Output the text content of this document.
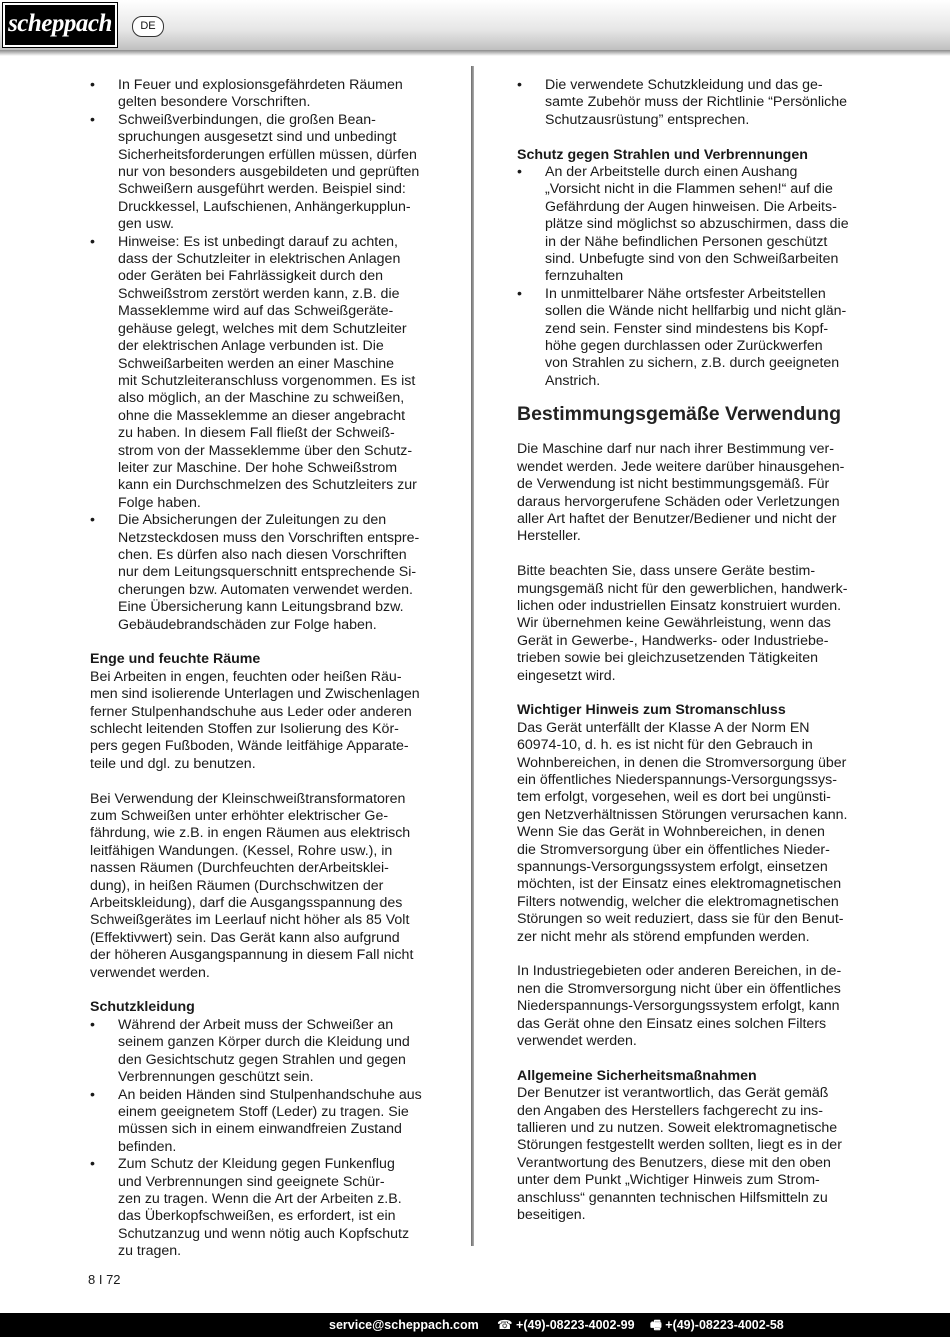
scheppach	DE
• In Feuer und explosionsgefährdeten Räumen
gelten besondere Vorschriften.
• Schweißverbindungen, die großen Bean-
spruchungen ausgesetzt sind und unbedingt
Sicherheitsforderungen erfüllen müssen, dürfen
nur von besonders ausgebildeten und geprüften
Schweißern ausgeführt werden. Beispiel sind:
Druckkessel, Laufschienen, Anhängerkupplun-
gen usw.
• Hinweise: Es ist unbedingt darauf zu achten,
dass der Schutzleiter in elektrischen Anlagen
oder Geräten bei Fahrlässigkeit durch den
Schweißstrom zerstört werden kann, z.B. die
Masseklemme wird auf das Schweißgeräte-
gehäuse gelegt, welches mit dem Schutzleiter
der elektrischen Anlage verbunden ist. Die
Schweißarbeiten werden an einer Maschine
mit Schutzleiteranschluss vorgenommen. Es ist
also möglich, an der Maschine zu schweißen,
ohne die Masseklemme an dieser angebracht
zu haben. In diesem Fall fließt der Schweiß-
strom von der Masseklemme über den Schutz-
leiter zur Maschine. Der hohe Schweißstrom
kann ein Durchschmelzen des Schutzleiters zur
Folge haben.
• Die Absicherungen der Zuleitungen zu den
Netzsteckdosen muss den Vorschriften entspre-
chen. Es dürfen also nach diesen Vorschriften
nur dem Leitungsquerschnitt entsprechende Si-
cherungen bzw. Automaten verwendet werden.
Eine Übersicherung kann Leitungsbrand bzw.
Gebäudebrandschäden zur Folge haben.

Enge und feuchte Räume

Bei Arbeiten in engen, feuchten oder heißen Räu-
men sind isolierende Unterlagen und Zwischenlagen
ferner Stulpenhandschuhe aus Leder oder anderen
schlecht leitenden Stoffen zur Isolierung des Kör-
pers gegen Fußboden, Wände leitfähige Apparate-
teile und dgl. zu benutzen.

Bei Verwendung der Kleinschweißtransformatoren
zum Schweißen unter erhöhter elektrischer Ge-
fährdung, wie z.B. in engen Räumen aus elektrisch
leitfähigen Wandungen. (Kessel, Rohre usw.), in
nassen Räumen (Durchfeuchten derArbeitsklei-
dung), in heißen Räumen (Durchschwitzen der
Arbeitskleidung), darf die Ausgangsspannung des
Schweißgerätes im Leerlauf nicht höher als 85 Volt
(Effektivwert) sein. Das Gerät kann also aufgrund
der höheren Ausgangspannung in diesem Fall nicht
verwendet werden.

Schutzkleidung

• Während der Arbeit muss der Schweißer an
seinem ganzen Körper durch die Kleidung und
den Gesichtschutz gegen Strahlen und gegen
Verbrennungen geschützt sein.
• An beiden Händen sind Stulpenhandschuhe aus
einem geeignetem Stoff (Leder) zu tragen. Sie
müssen sich in einem einwandfreien Zustand
befinden.
• Zum Schutz der Kleidung gegen Funkenflug
und Verbrennungen sind geeignete Schür-
zen zu tragen. Wenn die Art der Arbeiten z.B.
das Überkopfschweißen, es erfordert, ist ein
Schutzanzug und wenn nötig auch Kopfschutz
zu tragen.
• Die verwendete Schutzkleidung und das ge-
samte Zubehör muss der Richtlinie “Persönliche
Schutzausrüstung” entsprechen.

Schutz gegen Strahlen und Verbrennungen

• An der Arbeitstelle durch einen Aushang
„Vorsicht nicht in die Flammen sehen!“ auf die
Gefährdung der Augen hinweisen. Die Arbeits-
plätze sind möglichst so abzuschirmen, dass die
in der Nähe befindlichen Personen geschützt
sind. Unbefugte sind von den Schweißarbeiten
fernzuhalten
• In unmittelbarer Nähe ortsfester Arbeitstellen
sollen die Wände nicht hellfarbig und nicht glän-
zend sein. Fenster sind mindestens bis Kopf-
höhe gegen durchlassen oder Zurückwerfen
von Strahlen zu sichern, z.B. durch geeigneten
Anstrich.

Bestimmungsgemäße Verwendung

Die Maschine darf nur nach ihrer Bestimmung ver-
wendet werden. Jede weitere darüber hinausgehen-
de Verwendung ist nicht bestimmungsgemäß. Für
daraus hervorgerufene Schäden oder Verletzungen
aller Art haftet der Benutzer/Bediener und nicht der
Hersteller.

Bitte beachten Sie, dass unsere Geräte bestim-
mungsgemäß nicht für den gewerblichen, handwerk-
lichen oder industriellen Einsatz konstruiert wurden.
Wir übernehmen keine Gewährleistung, wenn das
Gerät in Gewerbe-, Handwerks- oder Industriebe-
trieben sowie bei gleichzusetzenden Tätigkeiten
eingesetzt wird.

Wichtiger Hinweis zum Stromanschluss

Das Gerät unterfällt der Klasse A der Norm EN
60974-10, d. h. es ist nicht für den Gebrauch in
Wohnbereichen, in denen die Stromversorgung über
ein öffentliches Niederspannungs-Versorgungssys-
tem erfolgt, vorgesehen, weil es dort bei ungünsti-
gen Netzverhältnissen Störungen verursachen kann.
Wenn Sie das Gerät in Wohnbereichen, in denen
die Stromversorgung über ein öffentliches Nieder-
spannungs-Versorgungssystem erfolgt, einsetzen
möchten, ist der Einsatz eines elektromagnetischen
Filters notwendig, welcher die elektromagnetischen
Störungen so weit reduziert, dass sie für den Benut-
zer nicht mehr als störend empfunden werden.

In Industriegebieten oder anderen Bereichen, in de-
nen die Stromversorgung nicht über ein öffentliches
Niederspannungs-Versorgungssystem erfolgt, kann
das Gerät ohne den Einsatz eines solchen Filters
verwendet werden.

Allgemeine Sicherheitsmaßnahmen

Der Benutzer ist verantwortlich, das Gerät gemäß
den Angaben des Herstellers fachgerecht zu ins-
tallieren und zu nutzen. Soweit elektromagnetische
Störungen festgestellt werden sollten, liegt es in der
Verantwortung des Benutzers, diese mit den oben
unter dem Punkt „Wichtiger Hinweis zum Strom-
anschluss“ genannten technischen Hilfsmitteln zu
beseitigen.

8 I 72
service@scheppach.com ☎ +(49)-08223-4002-99 🖷 +(49)-08223-4002-58
